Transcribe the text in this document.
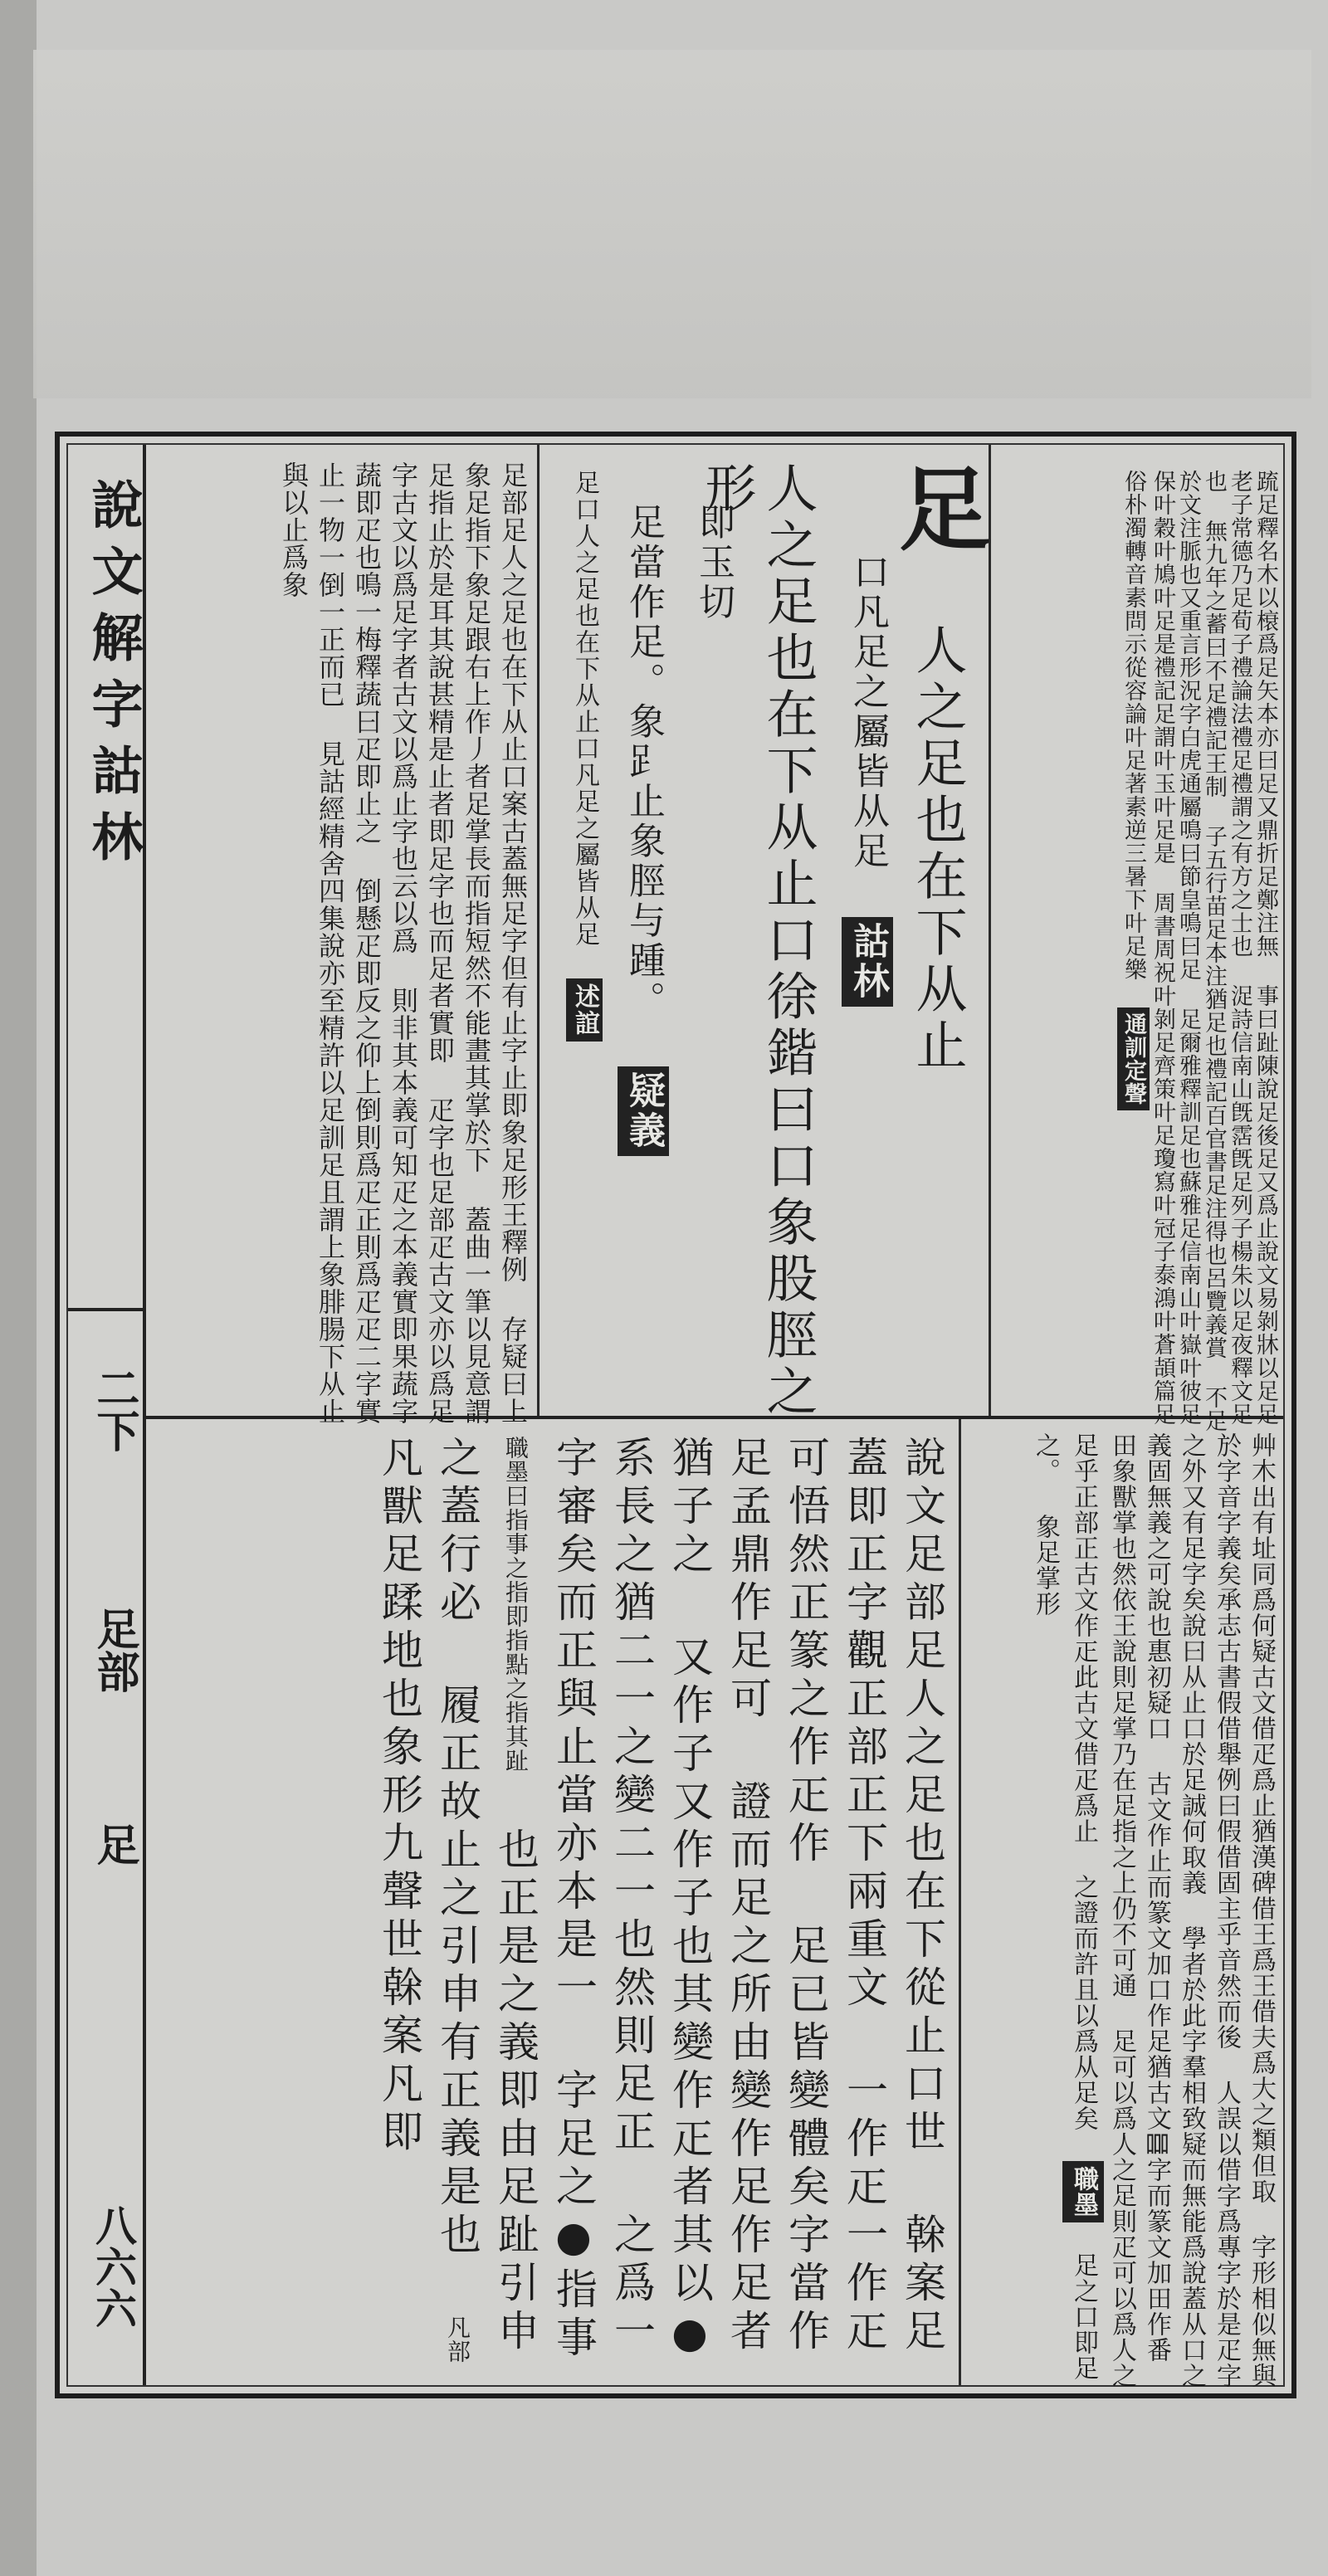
說文解字詁林
二下
足部
足
八六六
䟽足釋名木以榱爲足矢本亦曰足又鼎折足鄭注無 事曰趾陳說足後足又爲止說文易剝牀以足足 老子常德乃足荀子禮論法禮足禮謂之有方之士也 浞詩信南山旣霑旣足列子楊朱以足夜釋文足也 無九年之蓄曰不足禮記王制 子五行苗足本注猶足也禮記百官書足注得也呂覽義賞 不足於文注脈也又重言形況字白虎通屬鳴曰節皇鳴曰足 足爾雅釋訓足也蘇雅足信南山叶嶽叶彼足 保叶穀叶鳩叶足是禮記足謂叶玉叶足是 周書周祝叶剝足齊策叶足瓊寫叶冠子泰鴻叶蒼頡篇足 俗朴濁轉音素問示從容論叶足著素逆三暑下叶足樂 通訓定聲
足 人之足也在下从止
口凡足之屬皆从足 詁林
人之足也在下从止口徐鍇曰口象股脛之形
即玉切
足當作足。象𧾷止象脛与踵。 疑義
足口人之足也在下从止口凡足之屬皆从足 述誼
足部足人之足也在下从止口案古蓋無足字但有止字止即象足形王釋例 存疑曰上象足指下象足跟右上作丿者足掌長而指短然不能畫其掌於下 蓋曲一筆以見意謂足指止於是耳其說甚精是止者即足字也而足者實即 疋字也足部疋古文亦以爲足字古文以爲足字者古文以爲止字也云以爲 則非其本義可知疋之本義實即果蔬字蔬即疋也鳴一梅釋蔬曰疋即止之 倒懸疋即反之仰上倒則爲疋正則爲疋疋二字實止一物一倒一正而已 見詁經精舍四集說亦至精許以足訓足且謂上象腓腸下从止與以止爲象
艸木出有址同爲何疑古文借疋爲止猶漢碑借王爲王借夫爲大之類但取 字形相似無與於字音字義矣承志古書假借舉例曰假借固主乎音然而後 人誤以借字爲專字於是疋字之外又有足字矣說曰从止口於足誠何取義 學者於此字羣相致疑而無能爲說蓋从口之義固無義之可說也惠初疑口 古文作止而篆文加口作足猶古文𠱠字而篆文加田作番 田象獸掌也然依王說則足掌乃在足指之上仍不可通 足可以爲人之足則疋可以爲人之足乎正部正古文作𤴓此古文借疋爲止 之證而許且以爲从足矣 職墨 足之口即足之。 象足掌形
說文足部足人之足也在下從止口世 榦案足蓋即正字觀正部正下兩重文 一作𤴓一作𤴓可悟然正篆之作𤴓作 足已皆變體矣字當作足孟鼎作足可 證而足之所由變作足作足者猶子之 又作子又作子也其變作𤴓者其以● 系長之猶二一之變二一也然則足正 之爲一字審矣而正與止當亦本是一 字足之●指事 職墨曰指事之指即指點之指其趾 也正是之義即由足趾引申之蓋行必 履正故止之引申有正義是也 凡部 凡獸足蹂地也象形九聲世榦案凡即
